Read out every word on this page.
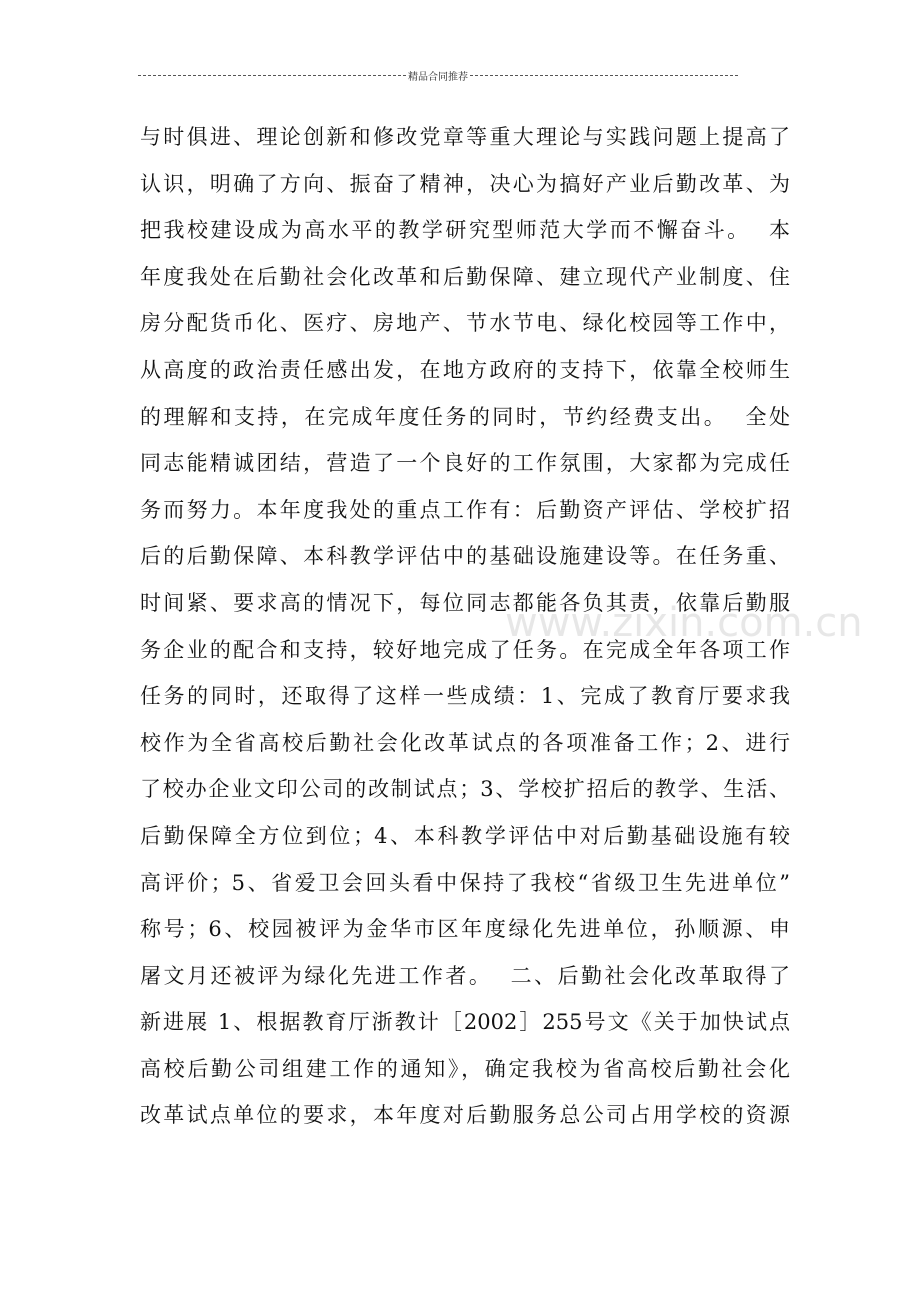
精品合同推荐
www.zixin.com.cn
与时俱进、理论创新和修改党章等重大理论与实践问题上提高了
认识，明确了方向、振奋了精神，决心为搞好产业后勤改革、为
把我校建设成为高水平的教学研究型师范大学而不懈奋斗。  本
年度我处在后勤社会化改革和后勤保障、建立现代产业制度、住
房分配货币化、医疗、房地产、节水节电、绿化校园等工作中，
从高度的政治责任感出发，在地方政府的支持下，依靠全校师生
的理解和支持，在完成年度任务的同时，节约经费支出。  全处
同志能精诚团结，营造了一个良好的工作氛围，大家都为完成任
务而努力。本年度我处的重点工作有：后勤资产评估、学校扩招
后的后勤保障、本科教学评估中的基础设施建设等。在任务重、
时间紧、要求高的情况下，每位同志都能各负其责，依靠后勤服
务企业的配合和支持，较好地完成了任务。在完成全年各项工作
任务的同时，还取得了这样一些成绩：1、完成了教育厅要求我
校作为全省高校后勤社会化改革试点的各项准备工作；2、进行
了校办企业文印公司的改制试点；3、学校扩招后的教学、生活、
后勤保障全方位到位；4、本科教学评估中对后勤基础设施有较
高评价；5、省爱卫会回头看中保持了我校“省级卫生先进单位”
称号；6、校园被评为金华市区年度绿化先进单位，孙顺源、申
屠文月还被评为绿化先进工作者。  二、后勤社会化改革取得了
新进展 1、根据教育厅浙教计［2002］255号文《关于加快试点
高校后勤公司组建工作的通知》，确定我校为省高校后勤社会化
改革试点单位的要求，本年度对后勤服务总公司占用学校的资源
